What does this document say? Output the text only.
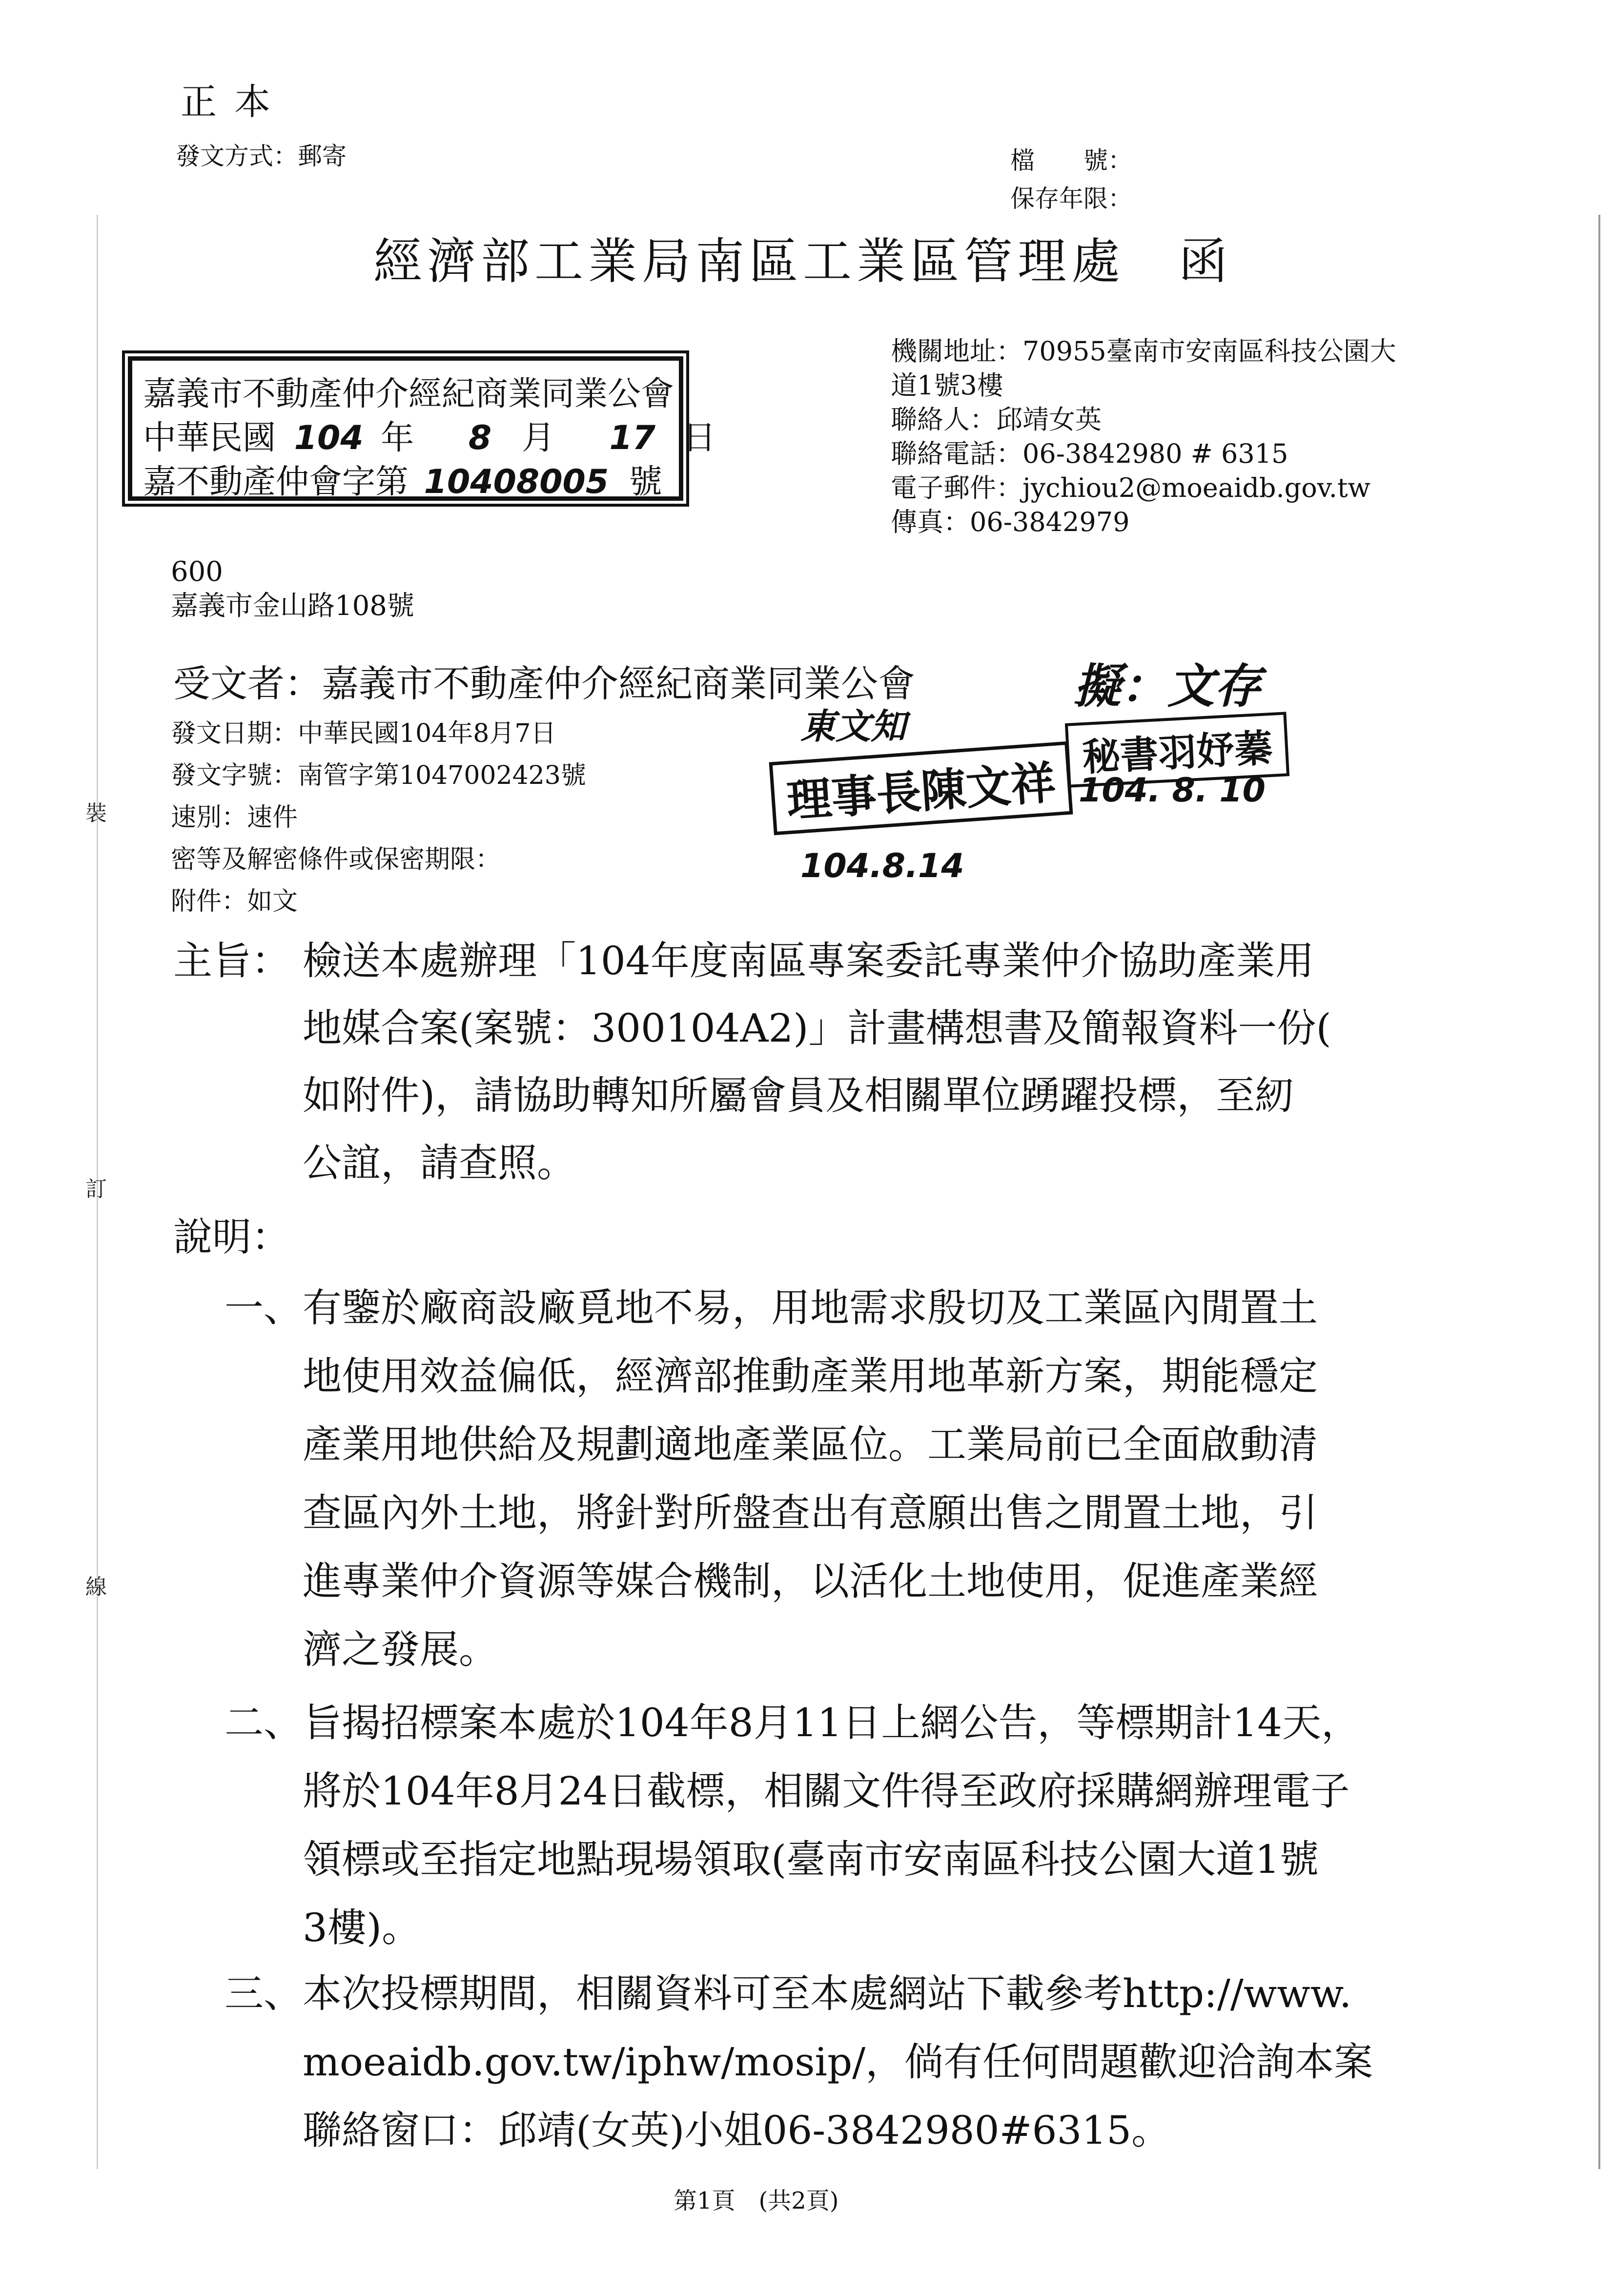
正本
發文方式：郵寄	檔　　號：
保存年限：
經濟部工業局南區工業區管理處　函
嘉義市不動產仲介經紀商業同業公會
中華民國 104 年 8 月 17 日
嘉不動產仲會字第 10408005 號
機關地址：70955臺南市安南區科技公園大
道1號3樓
聯絡人：邱靖女英
聯絡電話：06-3842980 # 6315
電子郵件：jychiou2@moeaidb.gov.tw
傳真：06-3842979
600
嘉義市金山路108號
受文者：嘉義市不動產仲介經紀商業同業公會
發文日期：中華民國104年8月7日
發文字號：南管字第1047002423號
速別：速件
密等及解密條件或保密期限：
附件：如文
擬：文存
東文知	秘書羽妤蓁
104. 8. 10
理事長陳文祥
104.8.14
裝
訂
線
主旨： 檢送本處辦理「104年度南區專案委託專業仲介協助產業用
地媒合案(案號：300104A2)」計畫構想書及簡報資料一份(
如附件)，請協助轉知所屬會員及相關單位踴躍投標，至紉
公誼，請查照。
說明：
一、 有鑒於廠商設廠覓地不易，用地需求殷切及工業區內閒置土
地使用效益偏低，經濟部推動產業用地革新方案，期能穩定
產業用地供給及規劃適地產業區位。工業局前已全面啟動清
查區內外土地，將針對所盤查出有意願出售之閒置土地，引
進專業仲介資源等媒合機制，以活化土地使用，促進產業經
濟之發展。
二、 旨揭招標案本處於104年8月11日上網公告，等標期計14天，
將於104年8月24日截標，相關文件得至政府採購網辦理電子
領標或至指定地點現場領取(臺南市安南區科技公園大道1號
3樓)。
三、 本次投標期間，相關資料可至本處網站下載參考http://www.
moeaidb.gov.tw/iphw/mosip/，倘有任何問題歡迎洽詢本案
聯絡窗口：邱靖(女英)小姐06-3842980#6315。
第1頁　(共2頁)
